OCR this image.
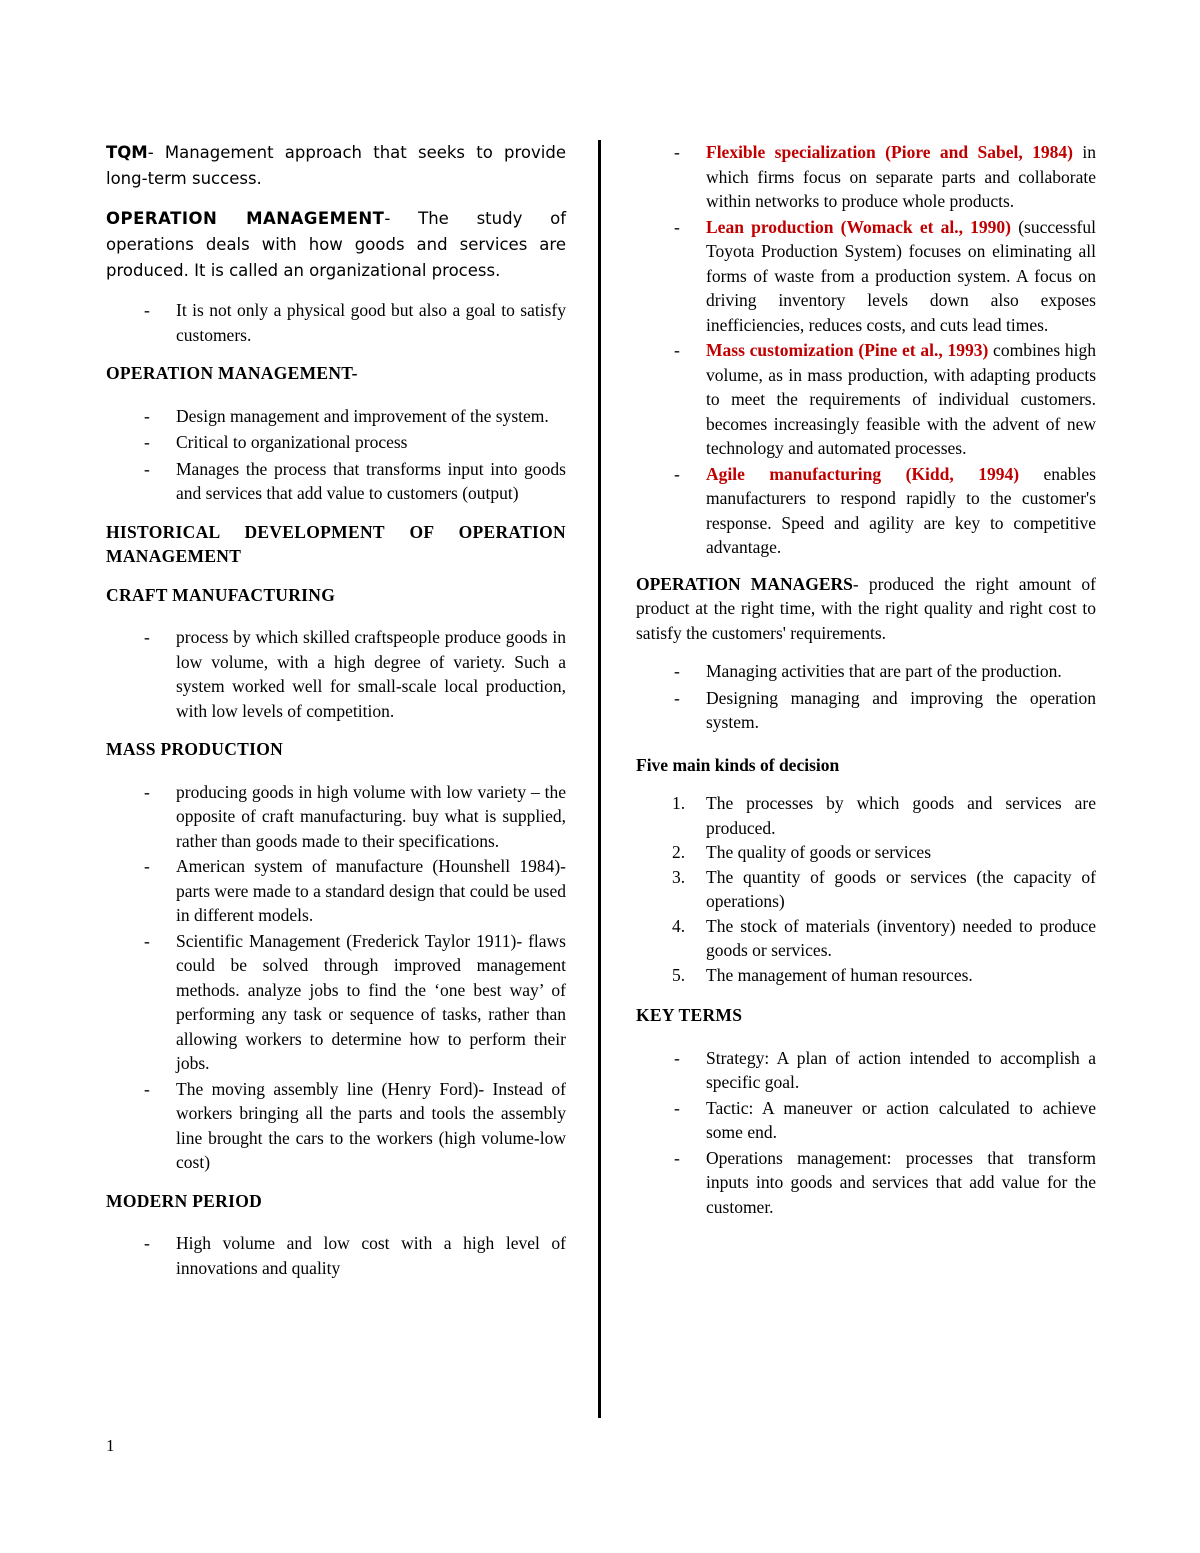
TQM- Management approach that seeks to provide long-term success.

OPERATION MANAGEMENT- The study of operations deals with how goods and services are produced. It is called an organizational process.

- It is not only a physical good but also a goal to satisfy customers.
OPERATION MANAGEMENT-
- Design management and improvement of the system.
- Critical to organizational process
- Manages the process that transforms input into goods and services that add value to customers (output)
HISTORICAL DEVELOPMENT OF OPERATION MANAGEMENT
CRAFT MANUFACTURING
- process by which skilled craftspeople produce goods in low volume, with a high degree of variety. Such a system worked well for small-scale local production, with low levels of competition.
MASS PRODUCTION
- producing goods in high volume with low variety – the opposite of craft manufacturing. buy what is supplied, rather than goods made to their specifications.
- American system of manufacture (Hounshell 1984)- parts were made to a standard design that could be used in different models.
- Scientific Management (Frederick Taylor 1911)- flaws could be solved through improved management methods. analyze jobs to find the ‘one best way’ of performing any task or sequence of tasks, rather than allowing workers to determine how to perform their jobs.
- The moving assembly line (Henry Ford)- Instead of workers bringing all the parts and tools the assembly line brought the cars to the workers (high volume-low cost)
MODERN PERIOD
- High volume and low cost with a high level of innovations and quality
- Flexible specialization (Piore and Sabel, 1984) in which firms focus on separate parts and collaborate within networks to produce whole products.
- Lean production (Womack et al., 1990) (successful Toyota Production System) focuses on eliminating all forms of waste from a production system. A focus on driving inventory levels down also exposes inefficiencies, reduces costs, and cuts lead times.
- Mass customization (Pine et al., 1993) combines high volume, as in mass production, with adapting products to meet the requirements of individual customers. becomes increasingly feasible with the advent of new technology and automated processes.
- Agile manufacturing (Kidd, 1994) enables manufacturers to respond rapidly to the customer's response. Speed and agility are key to competitive advantage.

OPERATION MANAGERS- produced the right amount of product at the right time, with the right quality and right cost to satisfy the customers' requirements.

- Managing activities that are part of the production.
- Designing managing and improving the operation system.
Five main kinds of decision
1. The processes by which goods and services are produced.
2. The quality of goods or services
3. The quantity of goods or services (the capacity of operations)
4. The stock of materials (inventory) needed to produce goods or services.
5. The management of human resources.
KEY TERMS
- Strategy: A plan of action intended to accomplish a specific goal.
- Tactic: A maneuver or action calculated to achieve some end.
- Operations management: processes that transform inputs into goods and services that add value for the customer.
1
